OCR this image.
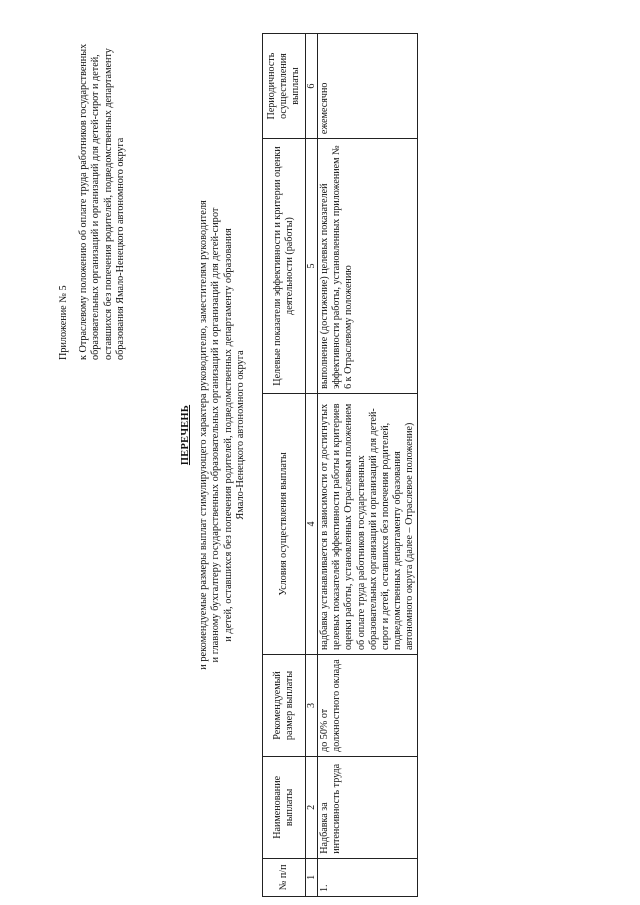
Приложение № 5 к Отраслевому положению об оплате труда работников государственных образовательных организаций и организаций для детей-сирот и детей, оставшихся без попечения родителей, подведомственных департаменту образования Ямало-Ненецкого автономного округа
ПЕРЕЧЕНЬ и рекомендуемые размеры выплат стимулирующего характера руководителю, заместителям руководителя и главному бухгалтеру государственных образовательных организаций и организаций для детей-сирот и детей, оставшихся без попечения родителей, подведомственных департаменту образования Ямало-Ненецкого автономного округа
№ п/п	Наименование выплаты	Рекомендуемый размер выплаты	Условия осуществления выплаты	Целевые показатели эффективности и критерии оценки деятельности (работы)	Периодичность осуществления выплаты
1	2	3	4	5	6
1.	Надбавка за интенсивность труда	до 50% от должностного оклада	надбавка устанавливается в зависимости от достигнутых целевых показателей эффективности работы и критериев оценки работы, установленных Отраслевым положением об оплате труда работников государственных образовательных организаций и организаций для детей-сирот и детей, оставшихся без попечения родителей, подведомственных департаменту образования автономного округа (далее – Отраслевое положение)	выполнение (достижение) целевых показателей эффективности работы, установленных приложением № 6 к Отраслевому положению	ежемесячно
